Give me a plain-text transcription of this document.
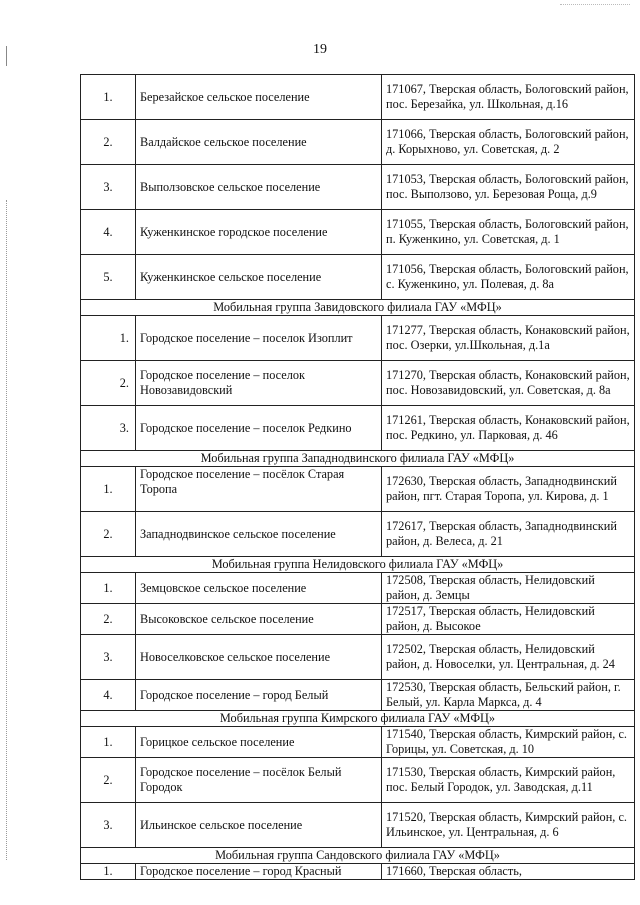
19
1.	Березайское сельское поселение	171067, Тверская область, Бологовский район, пос. Березайка, ул. Школьная, д.16
2.	Валдайское сельское поселение	171066, Тверская область, Бологовский район, д. Корыхново, ул. Советская, д. 2
3.	Выползовское сельское поселение	171053, Тверская область, Бологовский район, пос. Выползово, ул. Березовая Роща, д.9
4.	Куженкинское городское поселение	171055, Тверская область, Бологовский район, п. Куженкино, ул. Советская, д. 1
5.	Куженкинское сельское поселение	171056, Тверская область, Бологовский район, с. Куженкино, ул. Полевая, д. 8а
Мобильная группа Завидовского филиала ГАУ «МФЦ»		
1.	Городское поселение – поселок Изоплит	171277, Тверская область, Конаковский район, пос. Озерки, ул.Школьная, д.1а
2.	Городское поселение – поселок Новозавидовский	171270, Тверская область, Конаковский район, пос. Новозавидовский, ул. Советская, д. 8а
3.	Городское поселение – поселок Редкино	171261, Тверская область, Конаковский район, пос. Редкино, ул. Парковая, д. 46
Мобильная группа Западнодвинского филиала ГАУ «МФЦ»		
1.	Городское поселение – посёлок Старая Торопа	172630, Тверская область, Западнодвинский район, пгт. Старая Торопа, ул. Кирова, д. 1
2.	Западнодвинское сельское поселение	172617, Тверская область, Западнодвинский район, д. Велеса, д. 21
Мобильная группа Нелидовского филиала ГАУ «МФЦ»		
1.	Земцовское сельское поселение	172508, Тверская область, Нелидовский район, д. Земцы
2.	Высоковское сельское поселение	172517, Тверская область, Нелидовский район, д. Высокое
3.	Новоселковское сельское поселение	172502, Тверская область, Нелидовский район, д. Новоселки, ул. Центральная, д. 24
4.	Городское поселение – город Белый	172530, Тверская область, Бельский район, г. Белый, ул. Карла Маркса, д. 4
Мобильная группа Кимрского филиала ГАУ «МФЦ»		
1.	Горицкое сельское поселение	171540, Тверская область, Кимрский район, с. Горицы, ул. Советская, д. 10
2.	Городское поселение – посёлок Белый Городок	171530, Тверская область, Кимрский район, пос. Белый Городок, ул. Заводская, д.11
3.	Ильинское сельское поселение	171520, Тверская область, Кимрский район, с. Ильинское, ул. Центральная, д. 6
Мобильная группа Сандовского филиала ГАУ «МФЦ»		
1.	Городское поселение – город Красный	171660, Тверская область,
